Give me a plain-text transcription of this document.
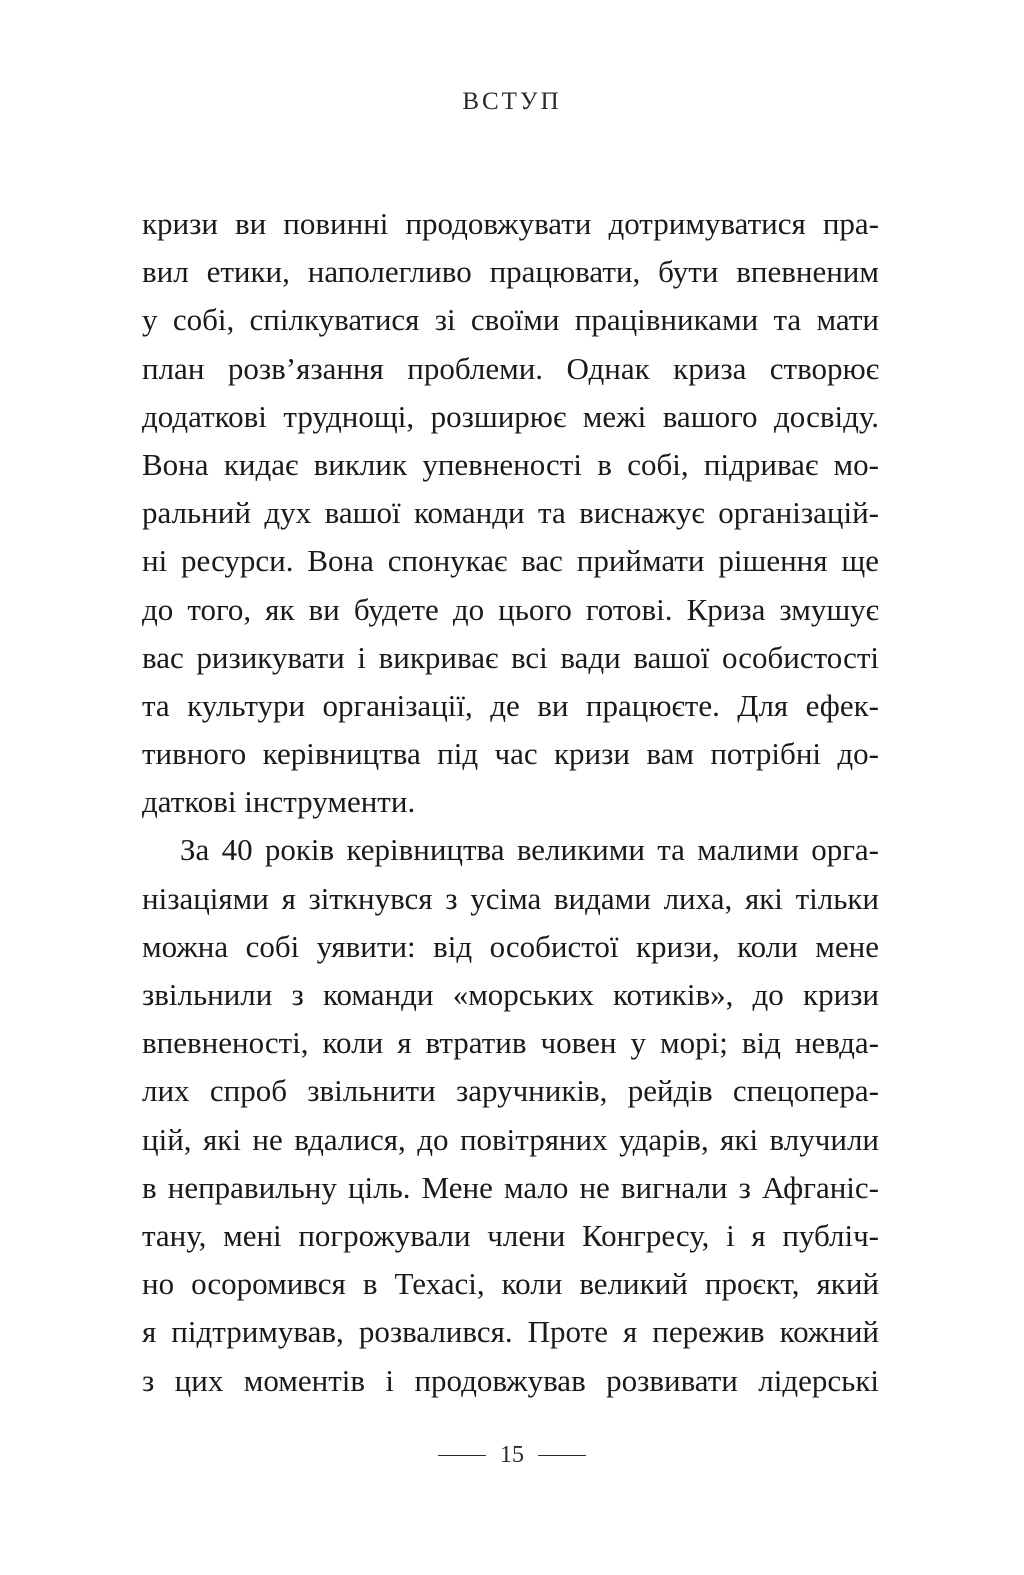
ВСТУП
кризи ви повинні продовжувати дотримуватися пра-
вил етики, наполегливо працювати, бути впевненим
у собі, спілкуватися зі своїми працівниками та мати
план розв’язання проблеми. Однак криза створює
додаткові труднощі, розширює межі вашого досвіду.
Вона кидає виклик упевненості в собі, підриває мо-
ральний дух вашої команди та виснажує організацій-
ні ресурси. Вона спонукає вас приймати рішення ще
до того, як ви будете до цього готові. Криза змушує
вас ризикувати і викриває всі вади вашої особистості
та культури організації, де ви працюєте. Для ефек-
тивного керівництва під час кризи вам потрібні до-
даткові інструменти.
За 40 років керівництва великими та малими орга-
нізаціями я зіткнувся з усіма видами лиха, які тільки
можна собі уявити: від особистої кризи, коли мене
звільнили з команди «морських котиків», до кризи
впевненості, коли я втратив човен у морі; від невда-
лих спроб звільнити заручників, рейдів спецопера-
цій, які не вдалися, до повітряних ударів, які влучили
в неправильну ціль. Мене мало не вигнали з Афганіс-
тану, мені погрожували члени Конгресу, і я публіч-
но осоромився в Техасі, коли великий проєкт, який
я підтримував, розвалився. Проте я пережив кожний
з цих моментів і продовжував розвивати лідерські
15
